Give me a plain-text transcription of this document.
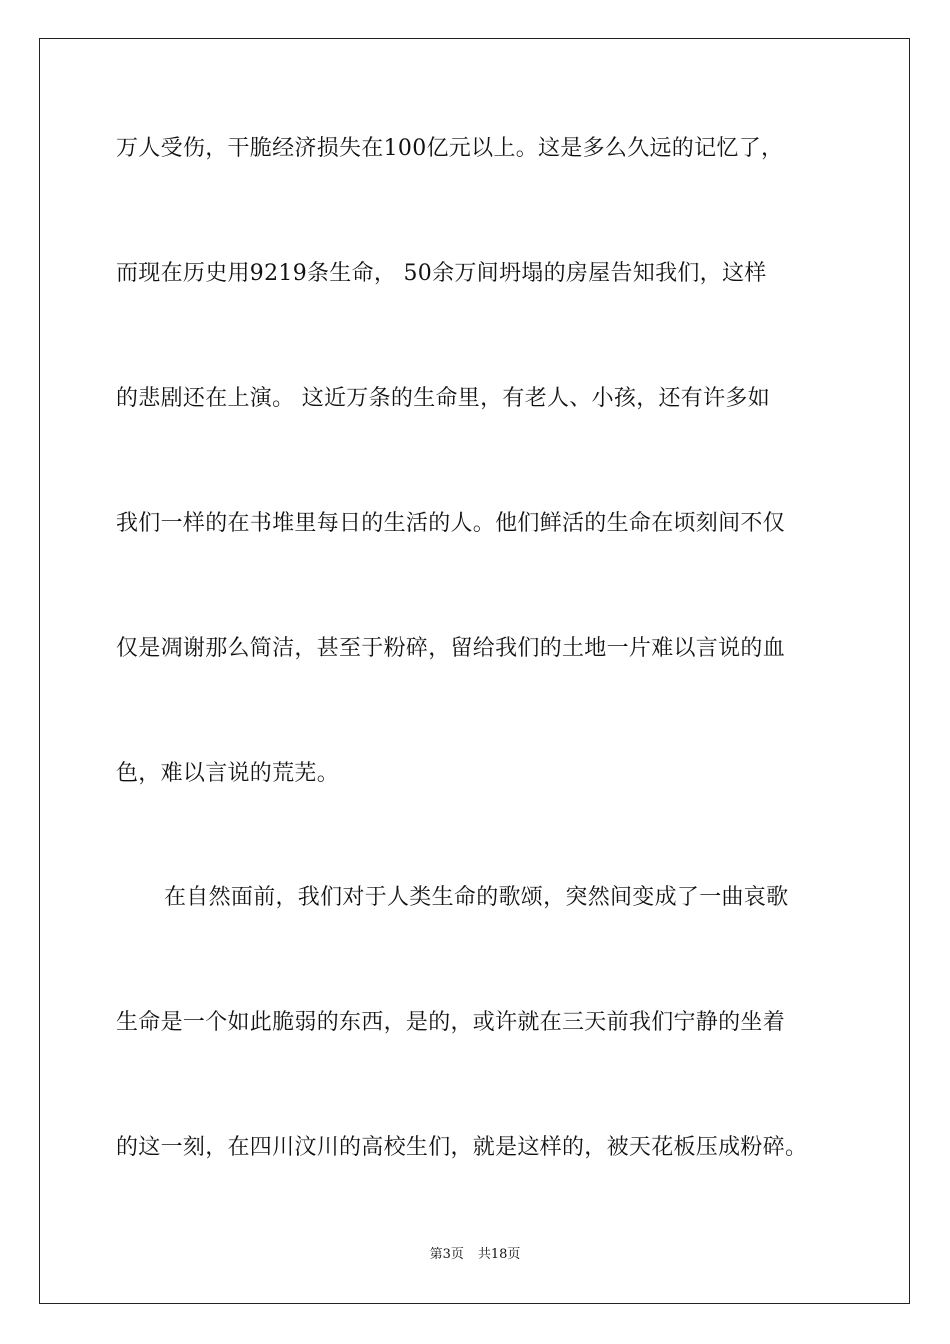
万人受伤，干脆经济损失在100亿元以上。这是多么久远的记忆了，
而现在历史用9219条生命， 50余万间坍塌的房屋告知我们，这样
的悲剧还在上演。 这近万条的生命里，有老人、小孩，还有许多如
我们一样的在书堆里每日的生活的人。他们鲜活的生命在顷刻间不仅
仅是凋谢那么简洁，甚至于粉碎，留给我们的土地一片难以言说的血
色，难以言说的荒芜。
在自然面前，我们对于人类生命的歌颂，突然间变成了一曲哀歌
生命是一个如此脆弱的东西，是的，或许就在三天前我们宁静的坐着
的这一刻，在四川汶川的高校生们，就是这样的，被天花板压成粉碎。
第3页 共18页
